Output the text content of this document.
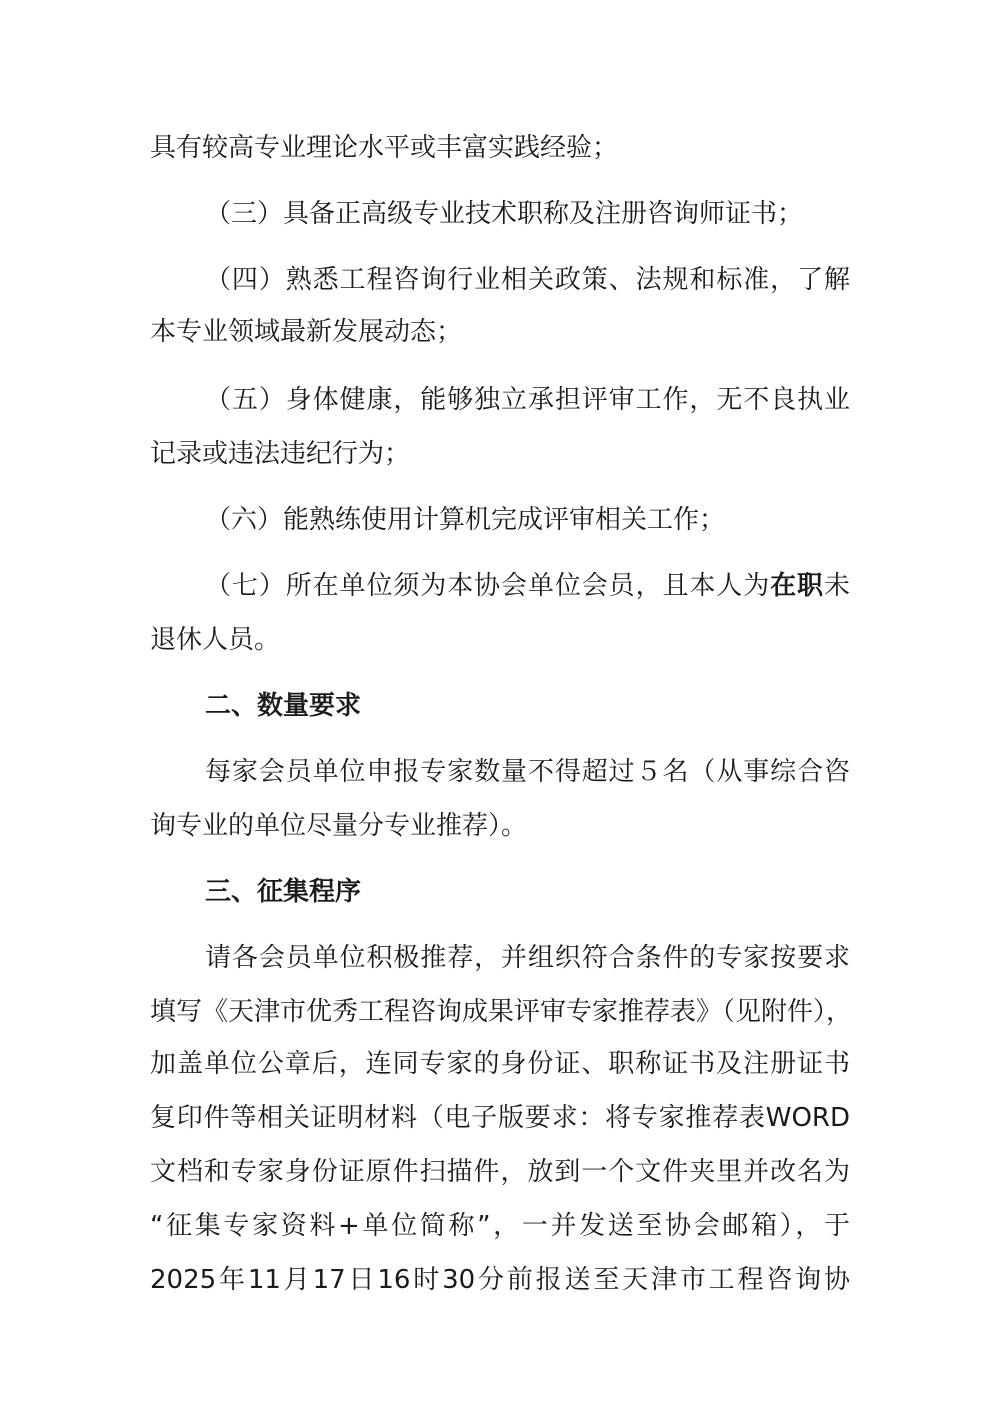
具有较高专业理论水平或丰富实践经验；
（三）具备正高级专业技术职称及注册咨询师证书；
（四）熟悉工程咨询行业相关政策、法规和标准，了解
本专业领域最新发展动态；
（五）身体健康，能够独立承担评审工作，无不良执业
记录或违法违纪行为；
（六）能熟练使用计算机完成评审相关工作；
（七）所在单位须为本协会单位会员，且本人为在职未
退休人员。
二、数量要求
每家会员单位申报专家数量不得超过５名（从事综合咨
询专业的单位尽量分专业推荐）。
三、征集程序
请各会员单位积极推荐，并组织符合条件的专家按要求
填写《天津市优秀工程咨询成果评审专家推荐表》（见附件），
加盖单位公章后，连同专家的身份证、职称证书及注册证书
复印件等相关证明材料（电子版要求：将专家推荐表WORD
文档和专家身份证原件扫描件，放到一个文件夹里并改名为
“征集专家资料+单位简称”，一并发送至协会邮箱），于
2025年11月17日16时30分前报送至天津市工程咨询协
